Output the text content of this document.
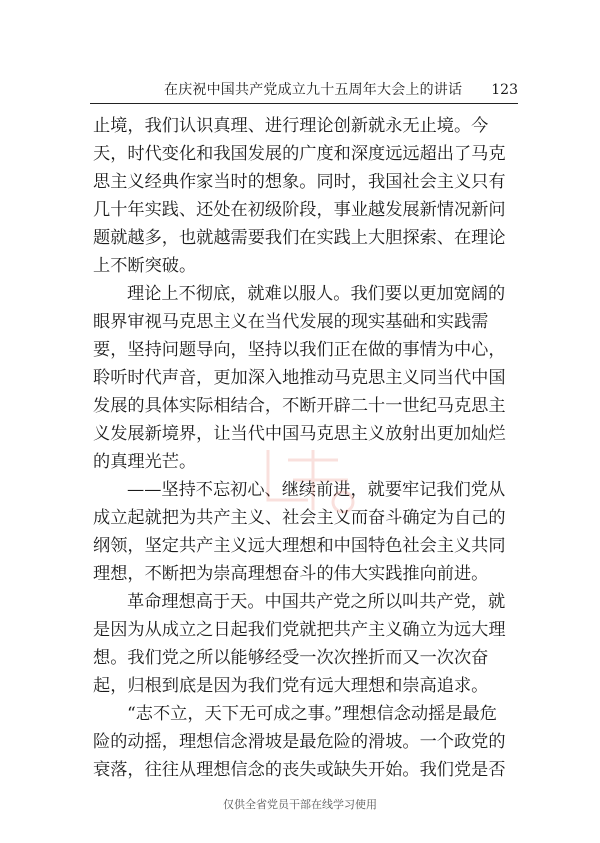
在庆祝中国共产党成立九十五周年大会上的讲话 123
止境，我们认识真理、进行理论创新就永无止境。今
天，时代变化和我国发展的广度和深度远远超出了马克
思主义经典作家当时的想象。同时，我国社会主义只有
几十年实践、还处在初级阶段，事业越发展新情况新问
题就越多，也就越需要我们在实践上大胆探索、在理论
上不断突破。
理论上不彻底，就难以服人。我们要以更加宽阔的
眼界审视马克思主义在当代发展的现实基础和实践需
要，坚持问题导向，坚持以我们正在做的事情为中心，
聆听时代声音，更加深入地推动马克思主义同当代中国
发展的具体实际相结合，不断开辟二十一世纪马克思主
义发展新境界，让当代中国马克思主义放射出更加灿烂
的真理光芒。
——坚持不忘初心、继续前进，就要牢记我们党从
成立起就把为共产主义、社会主义而奋斗确定为自己的
纲领，坚定共产主义远大理想和中国特色社会主义共同
理想，不断把为崇高理想奋斗的伟大实践推向前进。
革命理想高于天。中国共产党之所以叫共产党，就
是因为从成立之日起我们党就把共产主义确立为远大理
想。我们党之所以能够经受一次次挫折而又一次次奋
起，归根到底是因为我们党有远大理想和崇高追求。
“志不立，天下无可成之事。”理想信念动摇是最危
险的动摇，理想信念滑坡是最危险的滑坡。一个政党的
衰落，往往从理想信念的丧失或缺失开始。我们党是否
仅供全省党员干部在线学习使用
